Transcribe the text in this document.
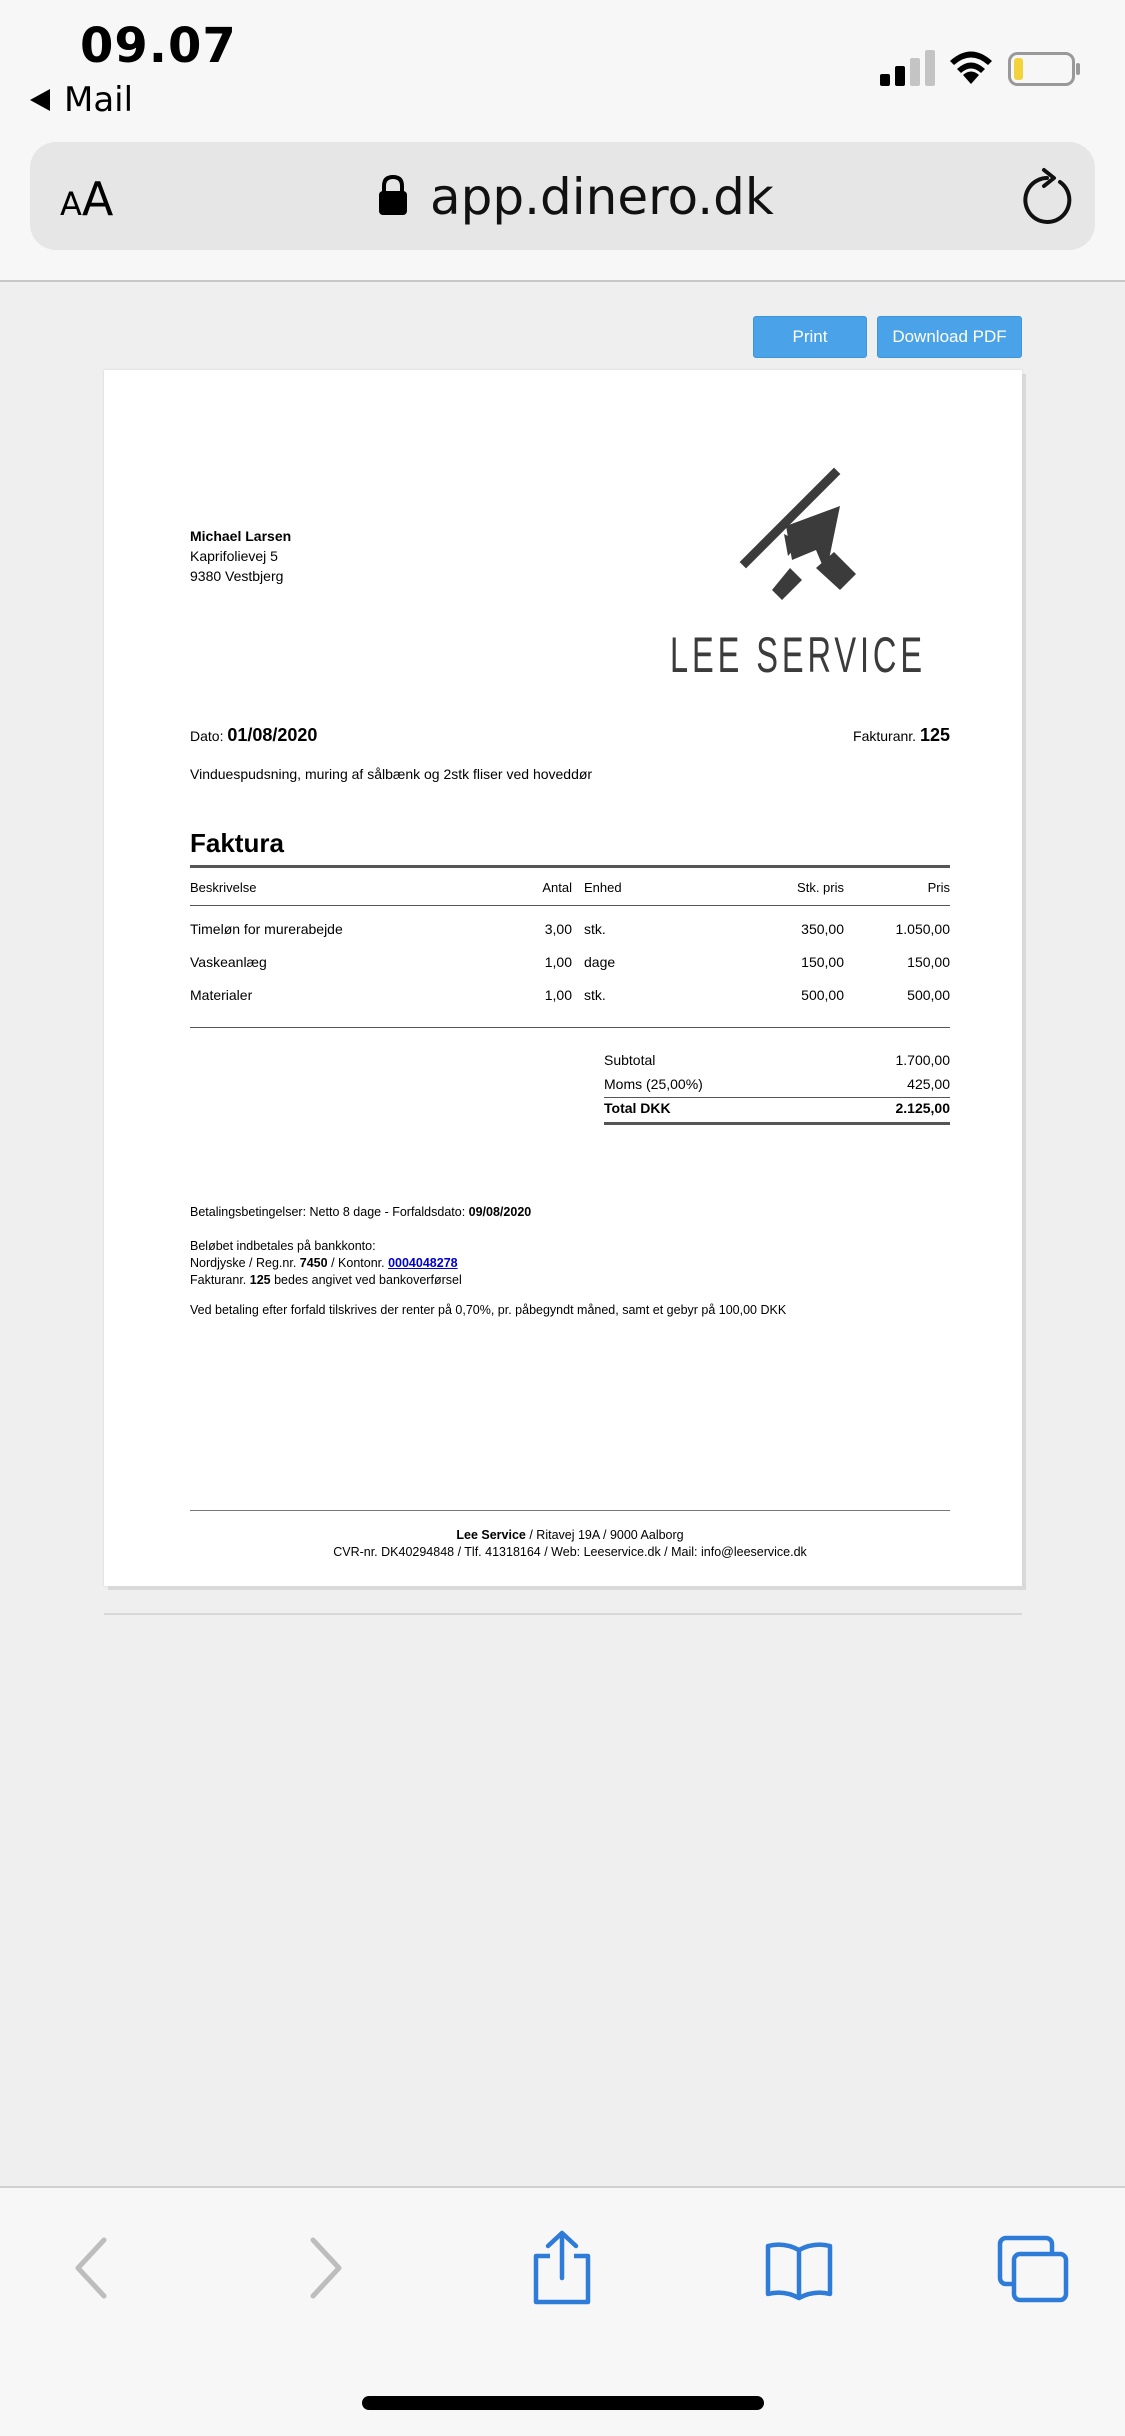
09.07
Mail
AA	app.dinero.dk
Print	Download PDF
Michael Larsen
Kaprifolievej 5
9380 Vestbjerg
LEE SERVICE
Dato: 01/08/2020	Fakturanr. 125
Vinduespudsning, muring af sålbænk og 2stk fliser ved hoveddør
Faktura
Beskrivelse	Antal Enhed	Stk. pris	Pris
Timeløn for murerabejde	3,00 stk.	350,00	1.050,00
Vaskeanlæg	1,00 dage	150,00	150,00
Materialer	1,00 stk.	500,00	500,00
Subtotal	1.700,00
Moms (25,00%)	425,00
Total DKK	2.125,00
Betalingsbetingelser: Netto 8 dage - Forfaldsdato: 09/08/2020
Beløbet indbetales på bankkonto:
Nordjyske / Reg.nr. 7450 / Kontonr. 0004048278
Fakturanr. 125 bedes angivet ved bankoverførsel
Ved betaling efter forfald tilskrives der renter på 0,70%, pr. påbegyndt måned, samt et gebyr på 100,00 DKK
Lee Service / Ritavej 19A / 9000 Aalborg
CVR-nr. DK40294848 / Tlf. 41318164 / Web: Leeservice.dk / Mail: info@leeservice.dk
